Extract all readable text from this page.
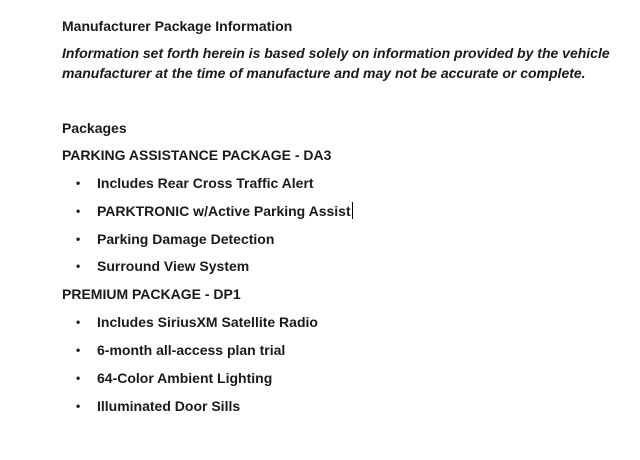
Manufacturer Package Information
Information set forth herein is based solely on information provided by the vehicle manufacturer at the time of manufacture and may not be accurate or complete.
Packages
PARKING ASSISTANCE PACKAGE - DA3
• Includes Rear Cross Traffic Alert
• PARKTRONIC w/Active Parking Assist
• Parking Damage Detection
• Surround View System
PREMIUM PACKAGE - DP1
• Includes SiriusXM Satellite Radio
• 6-month all-access plan trial
• 64-Color Ambient Lighting
• Illuminated Door Sills
